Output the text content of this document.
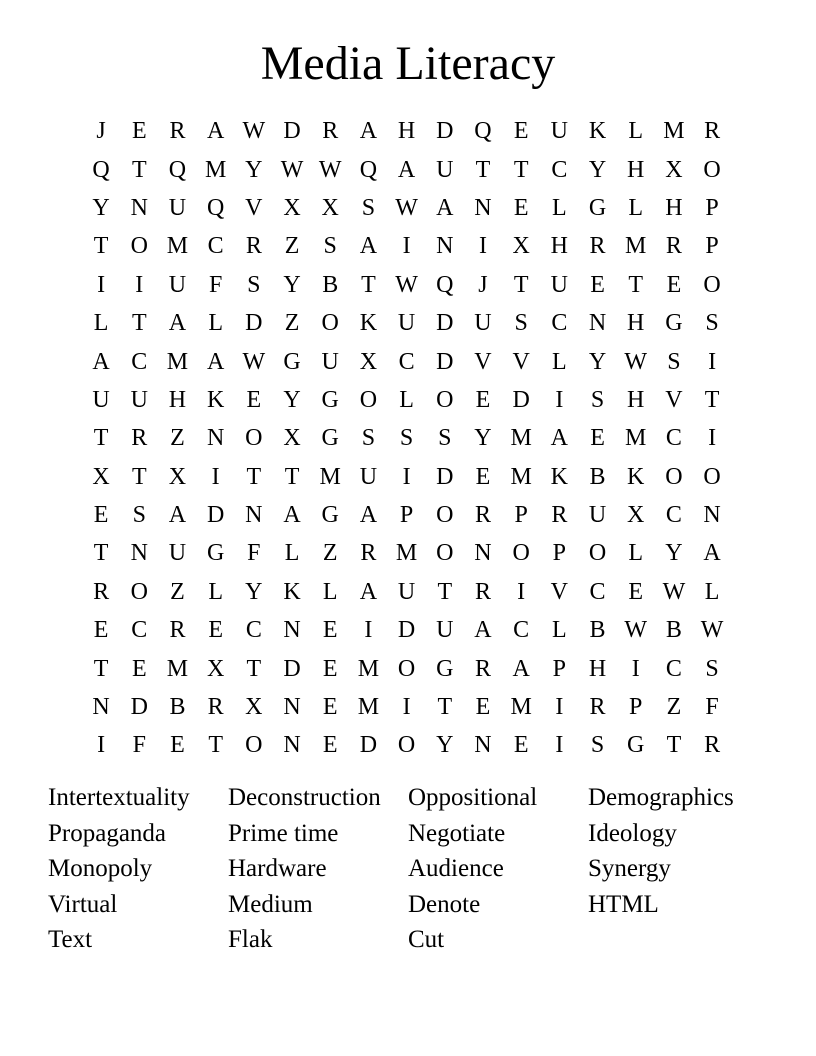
Media Literacy
J	E R A W D R A H D Q E U K L M R
Q T Q M Y W W Q A U T T C Y H X O
Y N U Q V X X S W A N E L G L H P
T O M C R Z	S A	I	N	I	X H R M R P
I	I	U F	S Y B T W Q	J	T U E T E O
L T A L D Z O K U D U S C N H G S
A C M A W G U X C D V V L Y W S	I
U U H K E Y G O L O E D	I	S H V T
T R Z N O X G S	S	S Y M A E M C	I
X T X	I	T T M U	I	D E M K B K O O
E	S A D N A G A P O R P R U X C N
T N U G F	L Z R M O N O P O L Y A
R O Z L Y K L A U T R	I	V C E W L
E C R E C N E	I	D U A C L B W B W
T E M X T D E M O G R A P H	I	C S
N D B R X N E M I	T E M I	R P	Z	F
I	F	E T O N E D O Y N E	I	S G T R
Intertextuality	Deconstruction	Oppositional	Demographics
Propaganda	Prime time	Negotiate	Ideology
Monopoly	Hardware	Audience	Synergy
Virtual	Medium	Denote	HTML
Text	Flak	Cut
